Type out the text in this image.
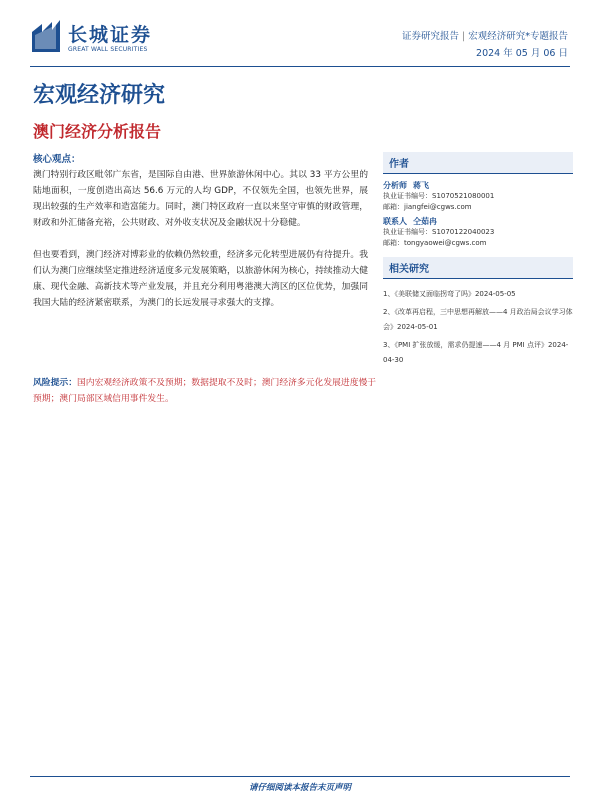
长城证券
GREAT WALL SECURITIES
证券研究报告 | 宏观经济研究*专题报告
2024 年 05 月 06 日
宏观经济研究
澳门经济分析报告
核心观点：

澳门特别行政区毗邻广东省，是国际自由港、世界旅游休闲中心。其以 33 平方公里的陆地面积，一度创造出高达 56.6 万元的人均 GDP，不仅领先全国，也领先世界，展现出较强的生产效率和造富能力。同时，澳门特区政府一直以来坚守审慎的财政管理，财政和外汇储备充裕，公共财政、对外收支状况及金融状况十分稳健。

但也要看到，澳门经济对博彩业的依赖仍然较重，经济多元化转型进展仍有待提升。我们认为澳门应继续坚定推进经济适度多元发展策略，以旅游休闲为核心，持续推动大健康、现代金融、高新技术等产业发展，并且充分利用粤港澳大湾区的区位优势，加强同我国大陆的经济紧密联系，为澳门的长远发展寻求强大的支撑。

风险提示：国内宏观经济政策不及预期；数据提取不及时；澳门经济多元化发展进度慢于预期；澳门局部区域信用事件发生。

作者
分析师 蒋飞
执业证书编号：S1070521080001
邮箱：jiangfei@cgws.com
联系人 仝茹冉
执业证书编号：S1070122040023
邮箱：tongyaowei@cgws.com
相关研究
1、《美联储又面临拐弯了吗》2024-05-05
2、《改革再启程，三中思想再解放——4 月政治局会议学习体会》2024-05-01
3、《PMI 扩张放缓，需求仍提速——4 月 PMI 点评》2024-04-30
请仔细阅读本报告末页声明
